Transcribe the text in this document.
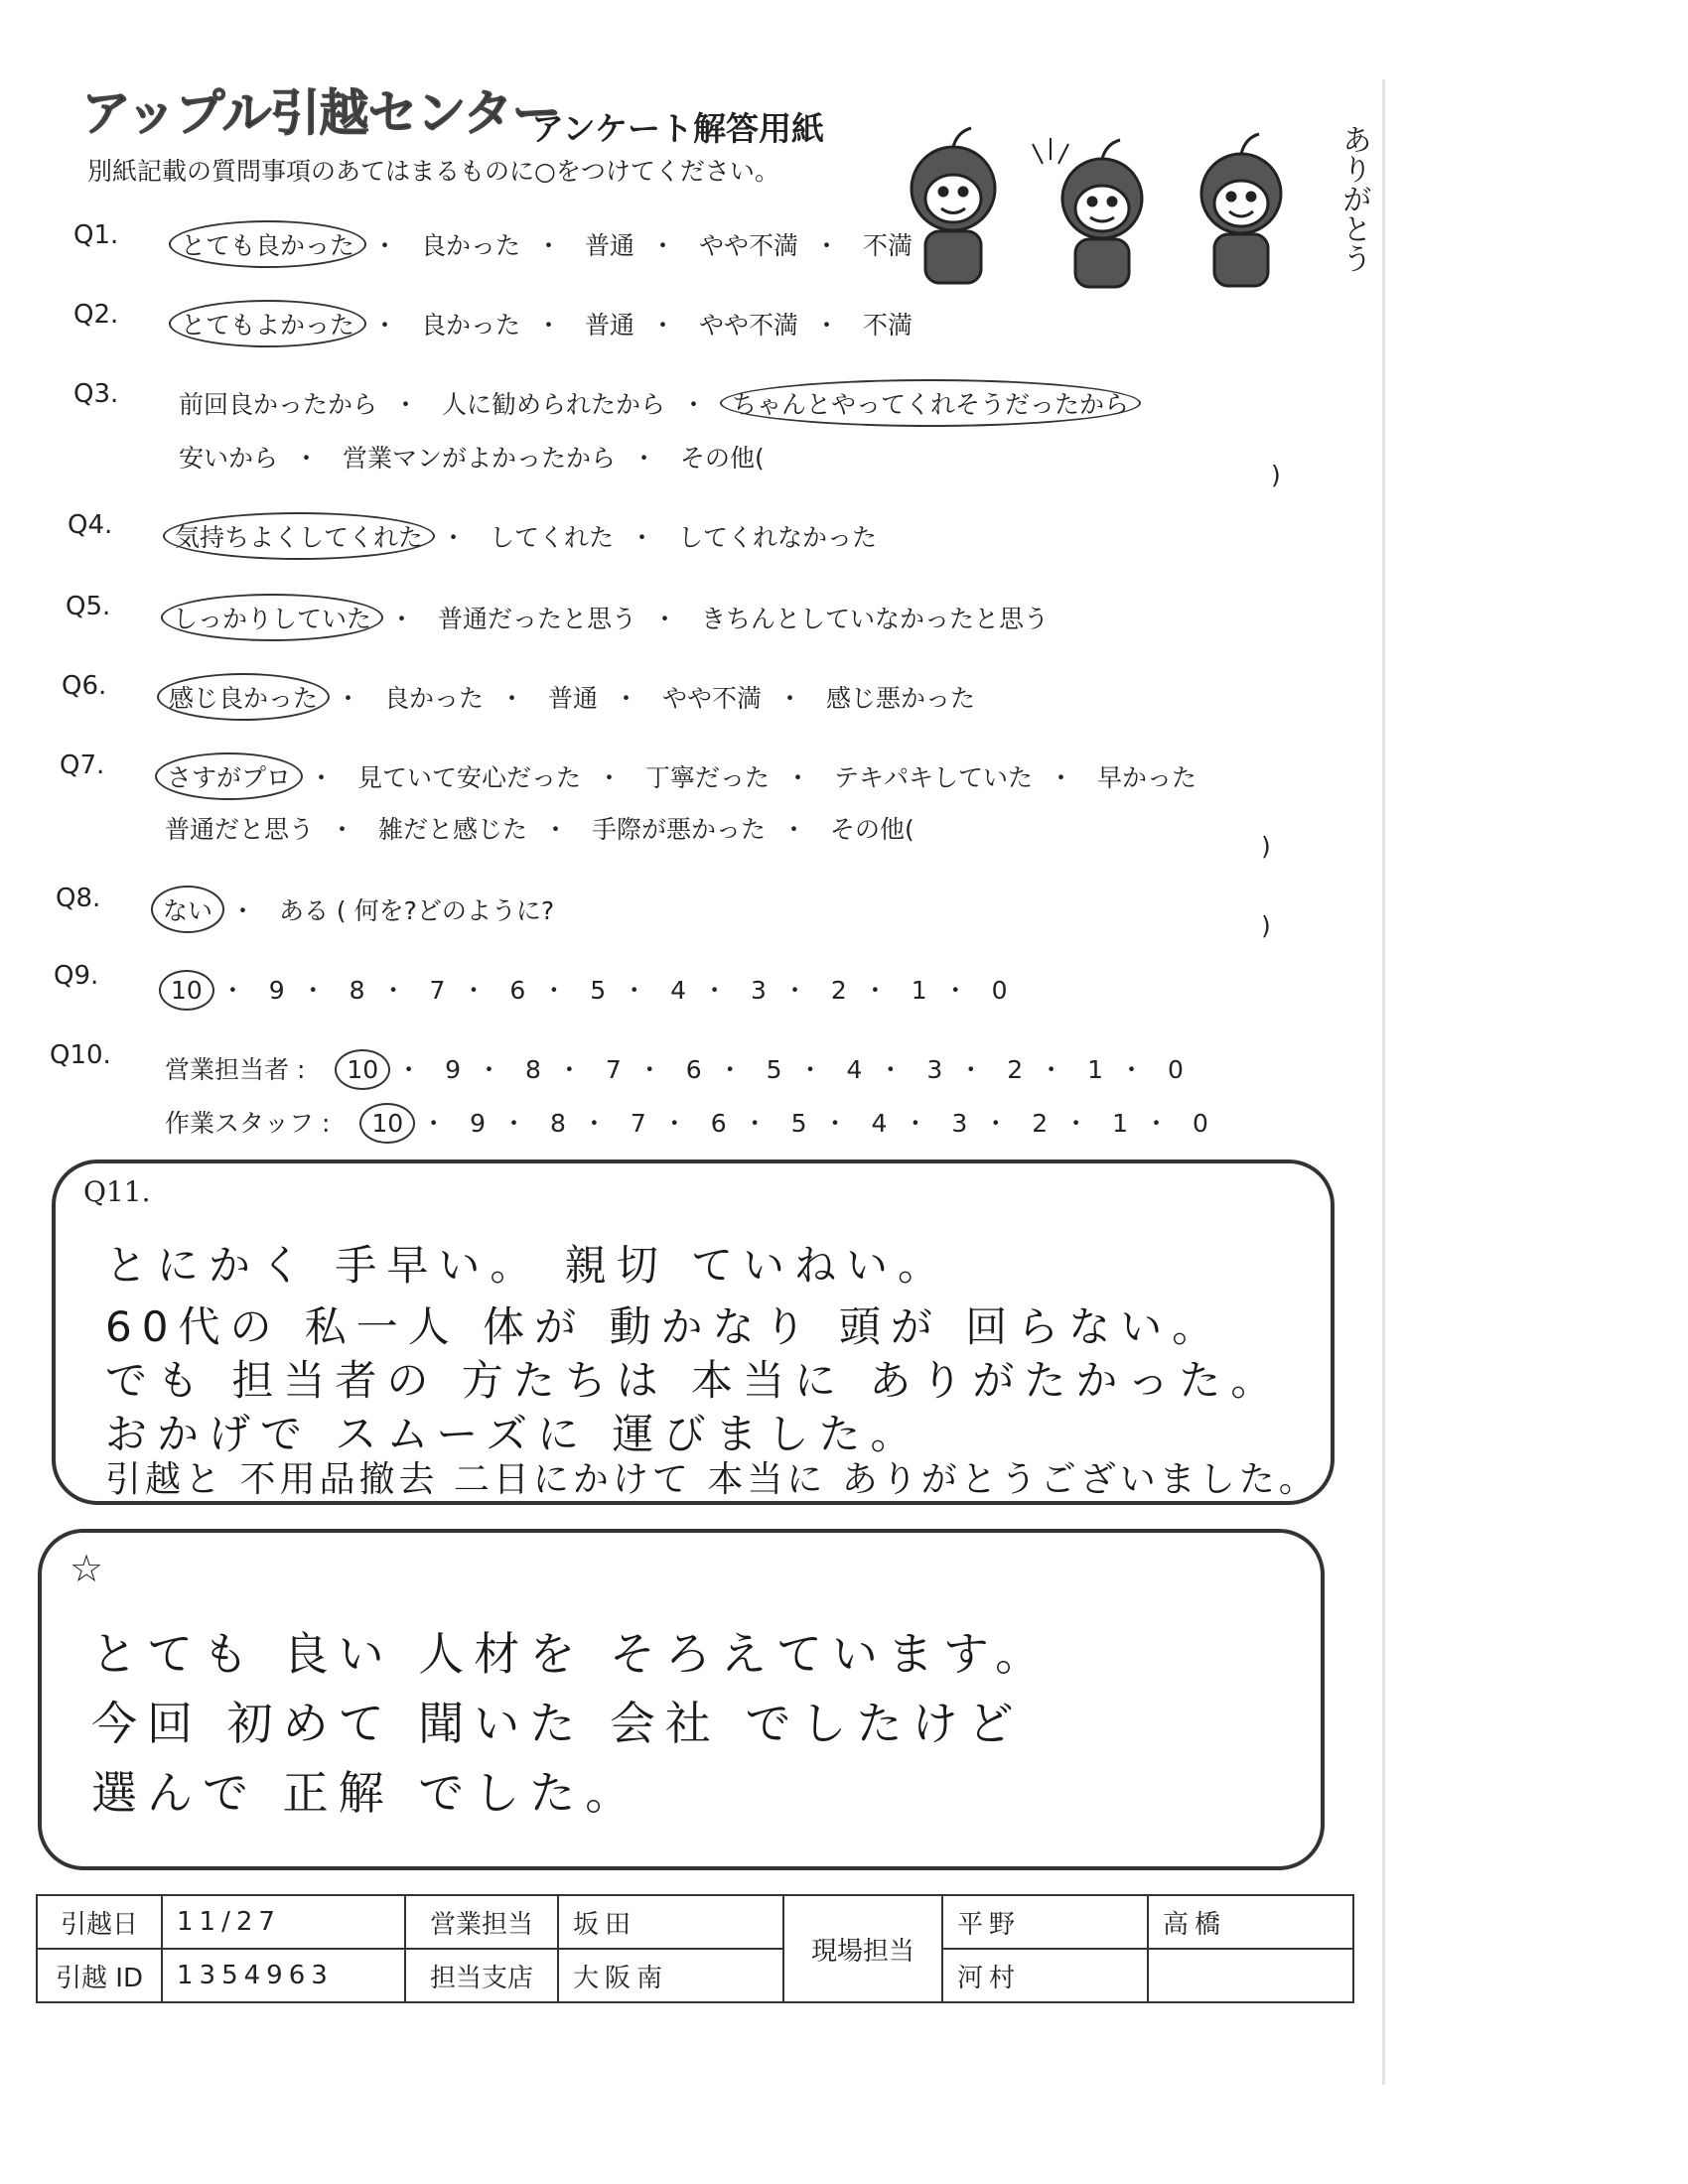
アップル引越センター
アンケート解答用紙
別紙記載の質問事項のあてはまるものに○をつけてください。	ありがとう
Q1.	とても良かった ・ 良かった ・ 普通 ・ やや不満 ・ 不満
Q2.	とてもよかった ・ 良かった ・ 普通 ・ やや不満 ・ 不満
Q3. 前回良かったから ・ 人に勧められたから ・ ちゃんとやってくれそうだったから
安いから ・ 営業マンがよかったから ・ その他(
)
Q4.	気持ちよくしてくれた ・ してくれた ・ してくれなかった
Q5.	しっかりしていた ・ 普通だったと思う ・ きちんとしていなかったと思う
Q6.	感じ良かった ・ 良かった ・ 普通 ・ やや不満 ・ 感じ悪かった
Q7.	さすがプロ ・ 見ていて安心だった ・ 丁寧だった ・ テキパキしていた ・ 早かった
普通だと思う ・ 雑だと感じた ・ 手際が悪かった ・ その他(
)
Q8.	ない ・ ある ( 何を?どのように?
)
Q9.	10 ・ 9 ・ 8 ・ 7 ・ 6 ・ 5 ・ 4 ・ 3 ・ 2 ・ 1 ・ 0
Q10. 営業担当者 : 10 ・ 9 ・ 8 ・ 7 ・ 6 ・ 5 ・ 4 ・ 3 ・ 2 ・ 1 ・ 0
作業スタッフ : 10 ・ 9 ・ 8 ・ 7 ・ 6 ・ 5 ・ 4 ・ 3 ・ 2 ・ 1 ・ 0
Q11.
とにかく 手早い。 親切 ていねい。
60代の 私一人 体が 動かなり 頭が 回らない。
でも 担当者の 方たちは 本当に ありがたかった。
おかげで スムーズに 運びました。
引越と 不用品撤去 二日にかけて 本当に ありがとうございました。
☆
とても 良い 人材を そろえています。
今回 初めて 聞いた 会社 でしたけど
選んで 正解 でした。
引越日	11/27	営業担当	坂田	現場担当	平野	高橋
引越 ID	1354963	担当支店	大阪南		河村	
